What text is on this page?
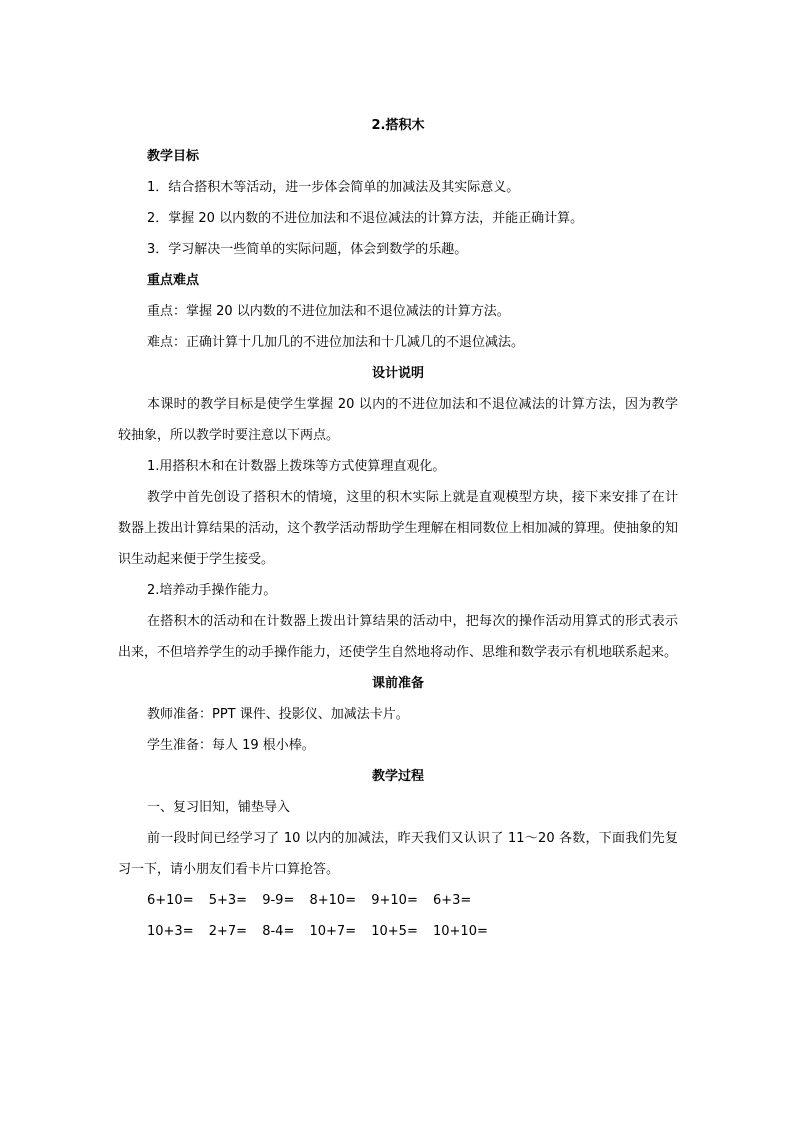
2.搭积木
教学目标
1．结合搭积木等活动，进一步体会简单的加减法及其实际意义。
2．掌握 20 以内数的不进位加法和不退位减法的计算方法，并能正确计算。
3．学习解决一些简单的实际问题，体会到数学的乐趣。
重点难点
重点：掌握 20 以内数的不进位加法和不退位减法的计算方法。
难点：正确计算十几加几的不进位加法和十几减几的不退位减法。
设计说明
本课时的教学目标是使学生掌握 20 以内的不进位加法和不退位减法的计算方法，因为教学较抽象，所以教学时要注意以下两点。
1.用搭积木和在计数器上拨珠等方式使算理直观化。
教学中首先创设了搭积木的情境，这里的积木实际上就是直观模型方块，接下来安排了在计数器上拨出计算结果的活动，这个教学活动帮助学生理解在相同数位上相加减的算理。使抽象的知识生动起来便于学生接受。
2.培养动手操作能力。
在搭积木的活动和在计数器上拨出计算结果的活动中，把每次的操作活动用算式的形式表示出来，不但培养学生的动手操作能力，还使学生自然地将动作、思维和数学表示有机地联系起来。
课前准备
教师准备：PPT 课件、投影仪、加减法卡片。
学生准备：每人 19 根小棒。
教学过程
一、复习旧知，铺垫导入
前一段时间已经学习了 10 以内的加减法，昨天我们又认识了 11～20 各数，下面我们先复习一下，请小朋友们看卡片口算抢答。
6+10= 5+3= 9-9= 8+10= 9+10= 6+3=
10+3= 2+7= 8-4= 10+7= 10+5= 10+10=
